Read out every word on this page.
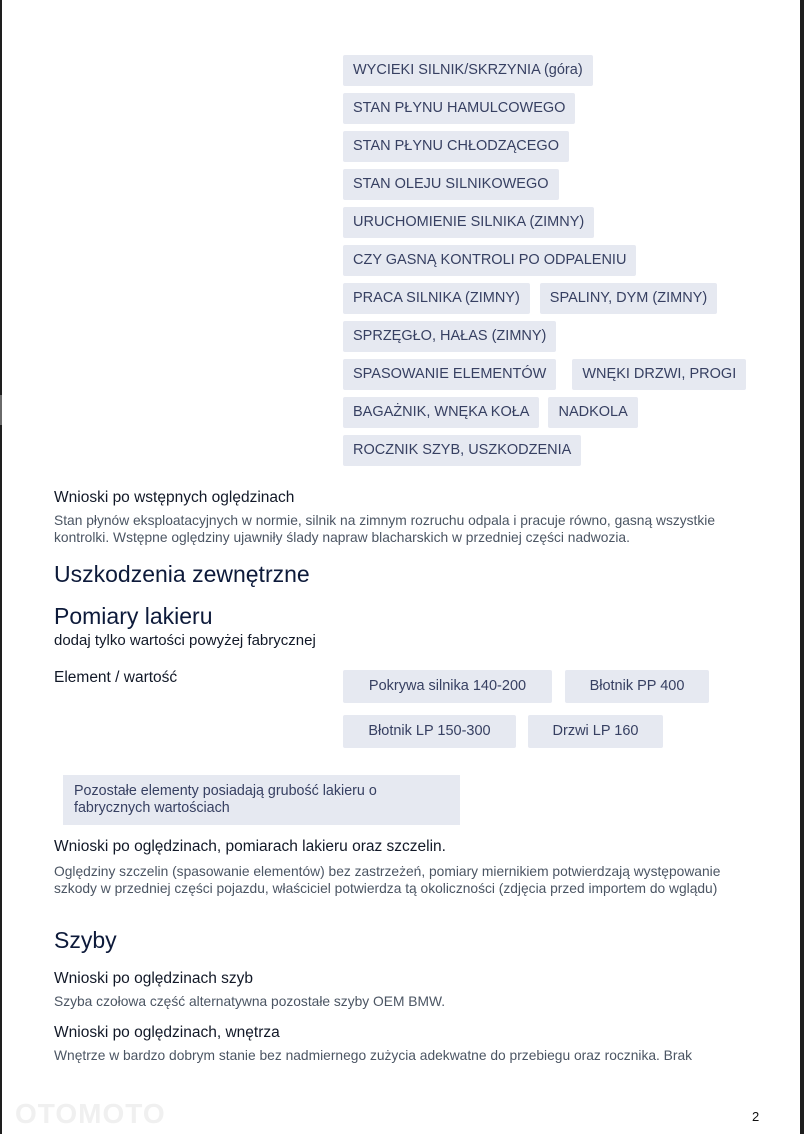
WYCIEKI SILNIK/SKRZYNIA (góra)
STAN PŁYNU HAMULCOWEGO
STAN PŁYNU CHŁODZĄCEGO
STAN OLEJU SILNIKOWEGO
URUCHOMIENIE SILNIKA (ZIMNY)
CZY GASNĄ KONTROLI PO ODPALENIU
PRACA SILNIKA (ZIMNY)	SPALINY, DYM (ZIMNY)
SPRZĘGŁO, HAŁAS (ZIMNY)
SPASOWANIE ELEMENTÓW	WNĘKI DRZWI, PROGI
BAGAŻNIK, WNĘKA KOŁA	NADKOLA
ROCZNIK SZYB, USZKODZENIA
Wnioski po wstępnych oględzinach
Stan płynów eksploatacyjnych w normie, silnik na zimnym rozruchu odpala i pracuje równo, gasną wszystkie kontrolki. Wstępne oględziny ujawniły ślady napraw blacharskich w przedniej części nadwozia.
Uszkodzenia zewnętrzne
Pomiary lakieru
dodaj tylko wartości powyżej fabrycznej
Element / wartość	Pokrywa silnika 140-200	Błotnik PP 400
Błotnik LP 150-300	Drzwi LP 160
Pozostałe elementy posiadają grubość lakieru o fabrycznych wartościach
Wnioski po oględzinach, pomiarach lakieru oraz szczelin.
Oględziny szczelin (spasowanie elementów) bez zastrzeżeń, pomiary miernikiem potwierdzają występowanie szkody w przedniej części pojazdu, właściciel potwierdza tą okoliczności (zdjęcia przed importem do wglądu)
Szyby
Wnioski po oględzinach szyb
Szyba czołowa część alternatywna pozostałe szyby OEM BMW.
Wnioski po oględzinach, wnętrza
Wnętrze w bardzo dobrym stanie bez nadmiernego zużycia adekwatne do przebiegu oraz rocznika. Brak
OTOMOTO	2
